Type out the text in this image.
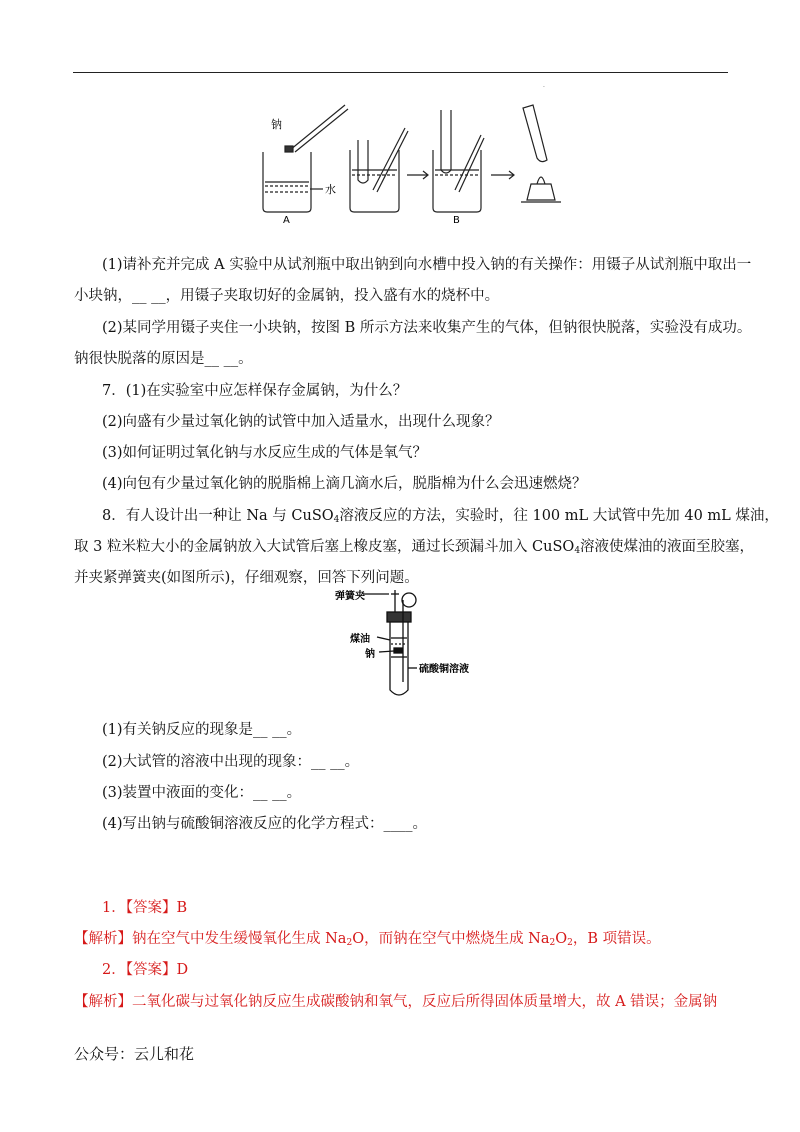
·
钠
水
A	B
(1)请补充并完成 A 实验中从试剂瓶中取出钠到向水槽中投入钠的有关操作：用镊子从试剂瓶中取出一
小块钠，__ __，用镊子夹取切好的金属钠，投入盛有水的烧杯中。
(2)某同学用镊子夹住一小块钠，按图 B 所示方法来收集产生的气体，但钠很快脱落，实验没有成功。
钠很快脱落的原因是__ __。
7．(1)在实验室中应怎样保存金属钠，为什么？
(2)向盛有少量过氧化钠的试管中加入适量水，出现什么现象？
(3)如何证明过氧化钠与水反应生成的气体是氧气？
(4)向包有少量过氧化钠的脱脂棉上滴几滴水后，脱脂棉为什么会迅速燃烧？
8．有人设计出一种让 Na 与 CuSO$_4$溶液反应的方法，实验时，往 100 mL 大试管中先加 40 mL 煤油，
取 3 粒米粒大小的金属钠放入大试管后塞上橡皮塞，通过长颈漏斗加入 CuSO$_4$溶液使煤油的液面至胶塞，
并夹紧弹簧夹(如图所示)，仔细观察，回答下列问题。
弹簧夹
煤油
钠
硫酸铜溶液
(1)有关钠反应的现象是__ __。
(2)大试管的溶液中出现的现象：__ __。
(3)装置中液面的变化：__ __。
(4)写出钠与硫酸铜溶液反应的化学方程式：____。
1．【答案】B
【解析】钠在空气中发生缓慢氧化生成 $Na_2O$，而钠在空气中燃烧生成 $Na_2O_2$，B 项错误。
2．【答案】D
【解析】二氧化碳与过氧化钠反应生成碳酸钠和氧气，反应后所得固体质量增大，故 A 错误；金属钠
公众号：云儿和花
